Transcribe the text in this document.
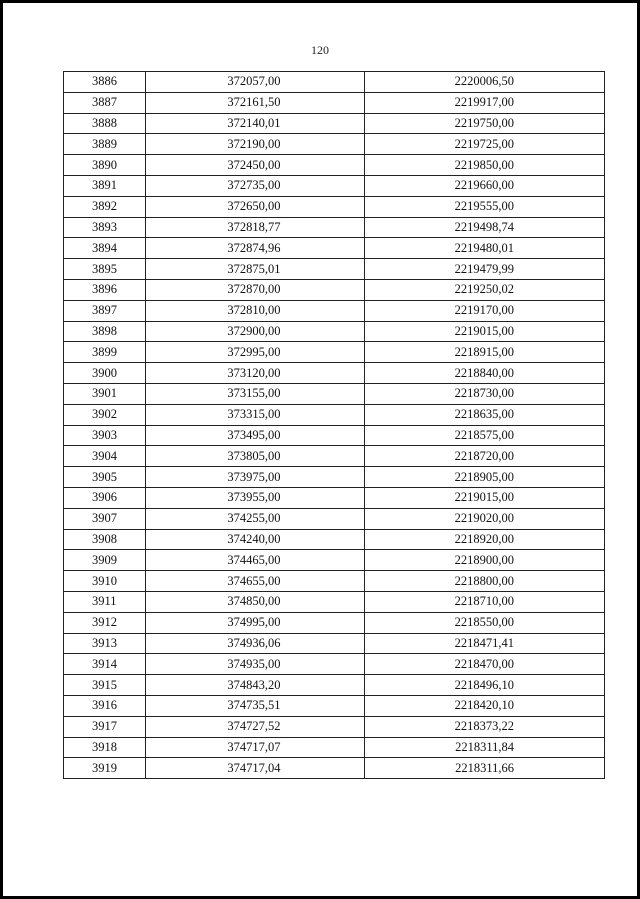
120
3886	372057,00	2220006,50
3887	372161,50	2219917,00
3888	372140,01	2219750,00
3889	372190,00	2219725,00
3890	372450,00	2219850,00
3891	372735,00	2219660,00
3892	372650,00	2219555,00
3893	372818,77	2219498,74
3894	372874,96	2219480,01
3895	372875,01	2219479,99
3896	372870,00	2219250,02
3897	372810,00	2219170,00
3898	372900,00	2219015,00
3899	372995,00	2218915,00
3900	373120,00	2218840,00
3901	373155,00	2218730,00
3902	373315,00	2218635,00
3903	373495,00	2218575,00
3904	373805,00	2218720,00
3905	373975,00	2218905,00
3906	373955,00	2219015,00
3907	374255,00	2219020,00
3908	374240,00	2218920,00
3909	374465,00	2218900,00
3910	374655,00	2218800,00
3911	374850,00	2218710,00
3912	374995,00	2218550,00
3913	374936,06	2218471,41
3914	374935,00	2218470,00
3915	374843,20	2218496,10
3916	374735,51	2218420,10
3917	374727,52	2218373,22
3918	374717,07	2218311,84
3919	374717,04	2218311,66
